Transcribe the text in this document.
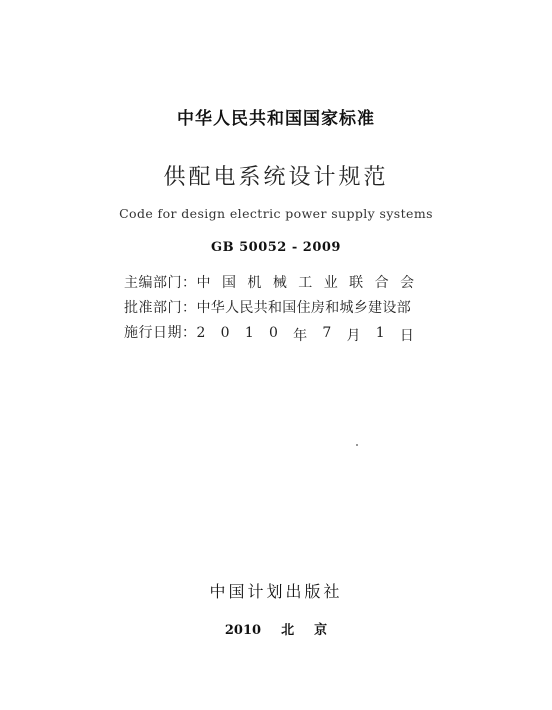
中华人民共和国国家标准
供配电系统设计规范
Code for design electric power supply systems
GB 50052 - 2009
主编部门： 中 国 机 械 工 业 联 合 会
批准部门： 中华人民共和国住房和城乡建设部
施行日期： 2 0 1 0 年 7 月 1 日
中国计划出版社
2010 北 京
